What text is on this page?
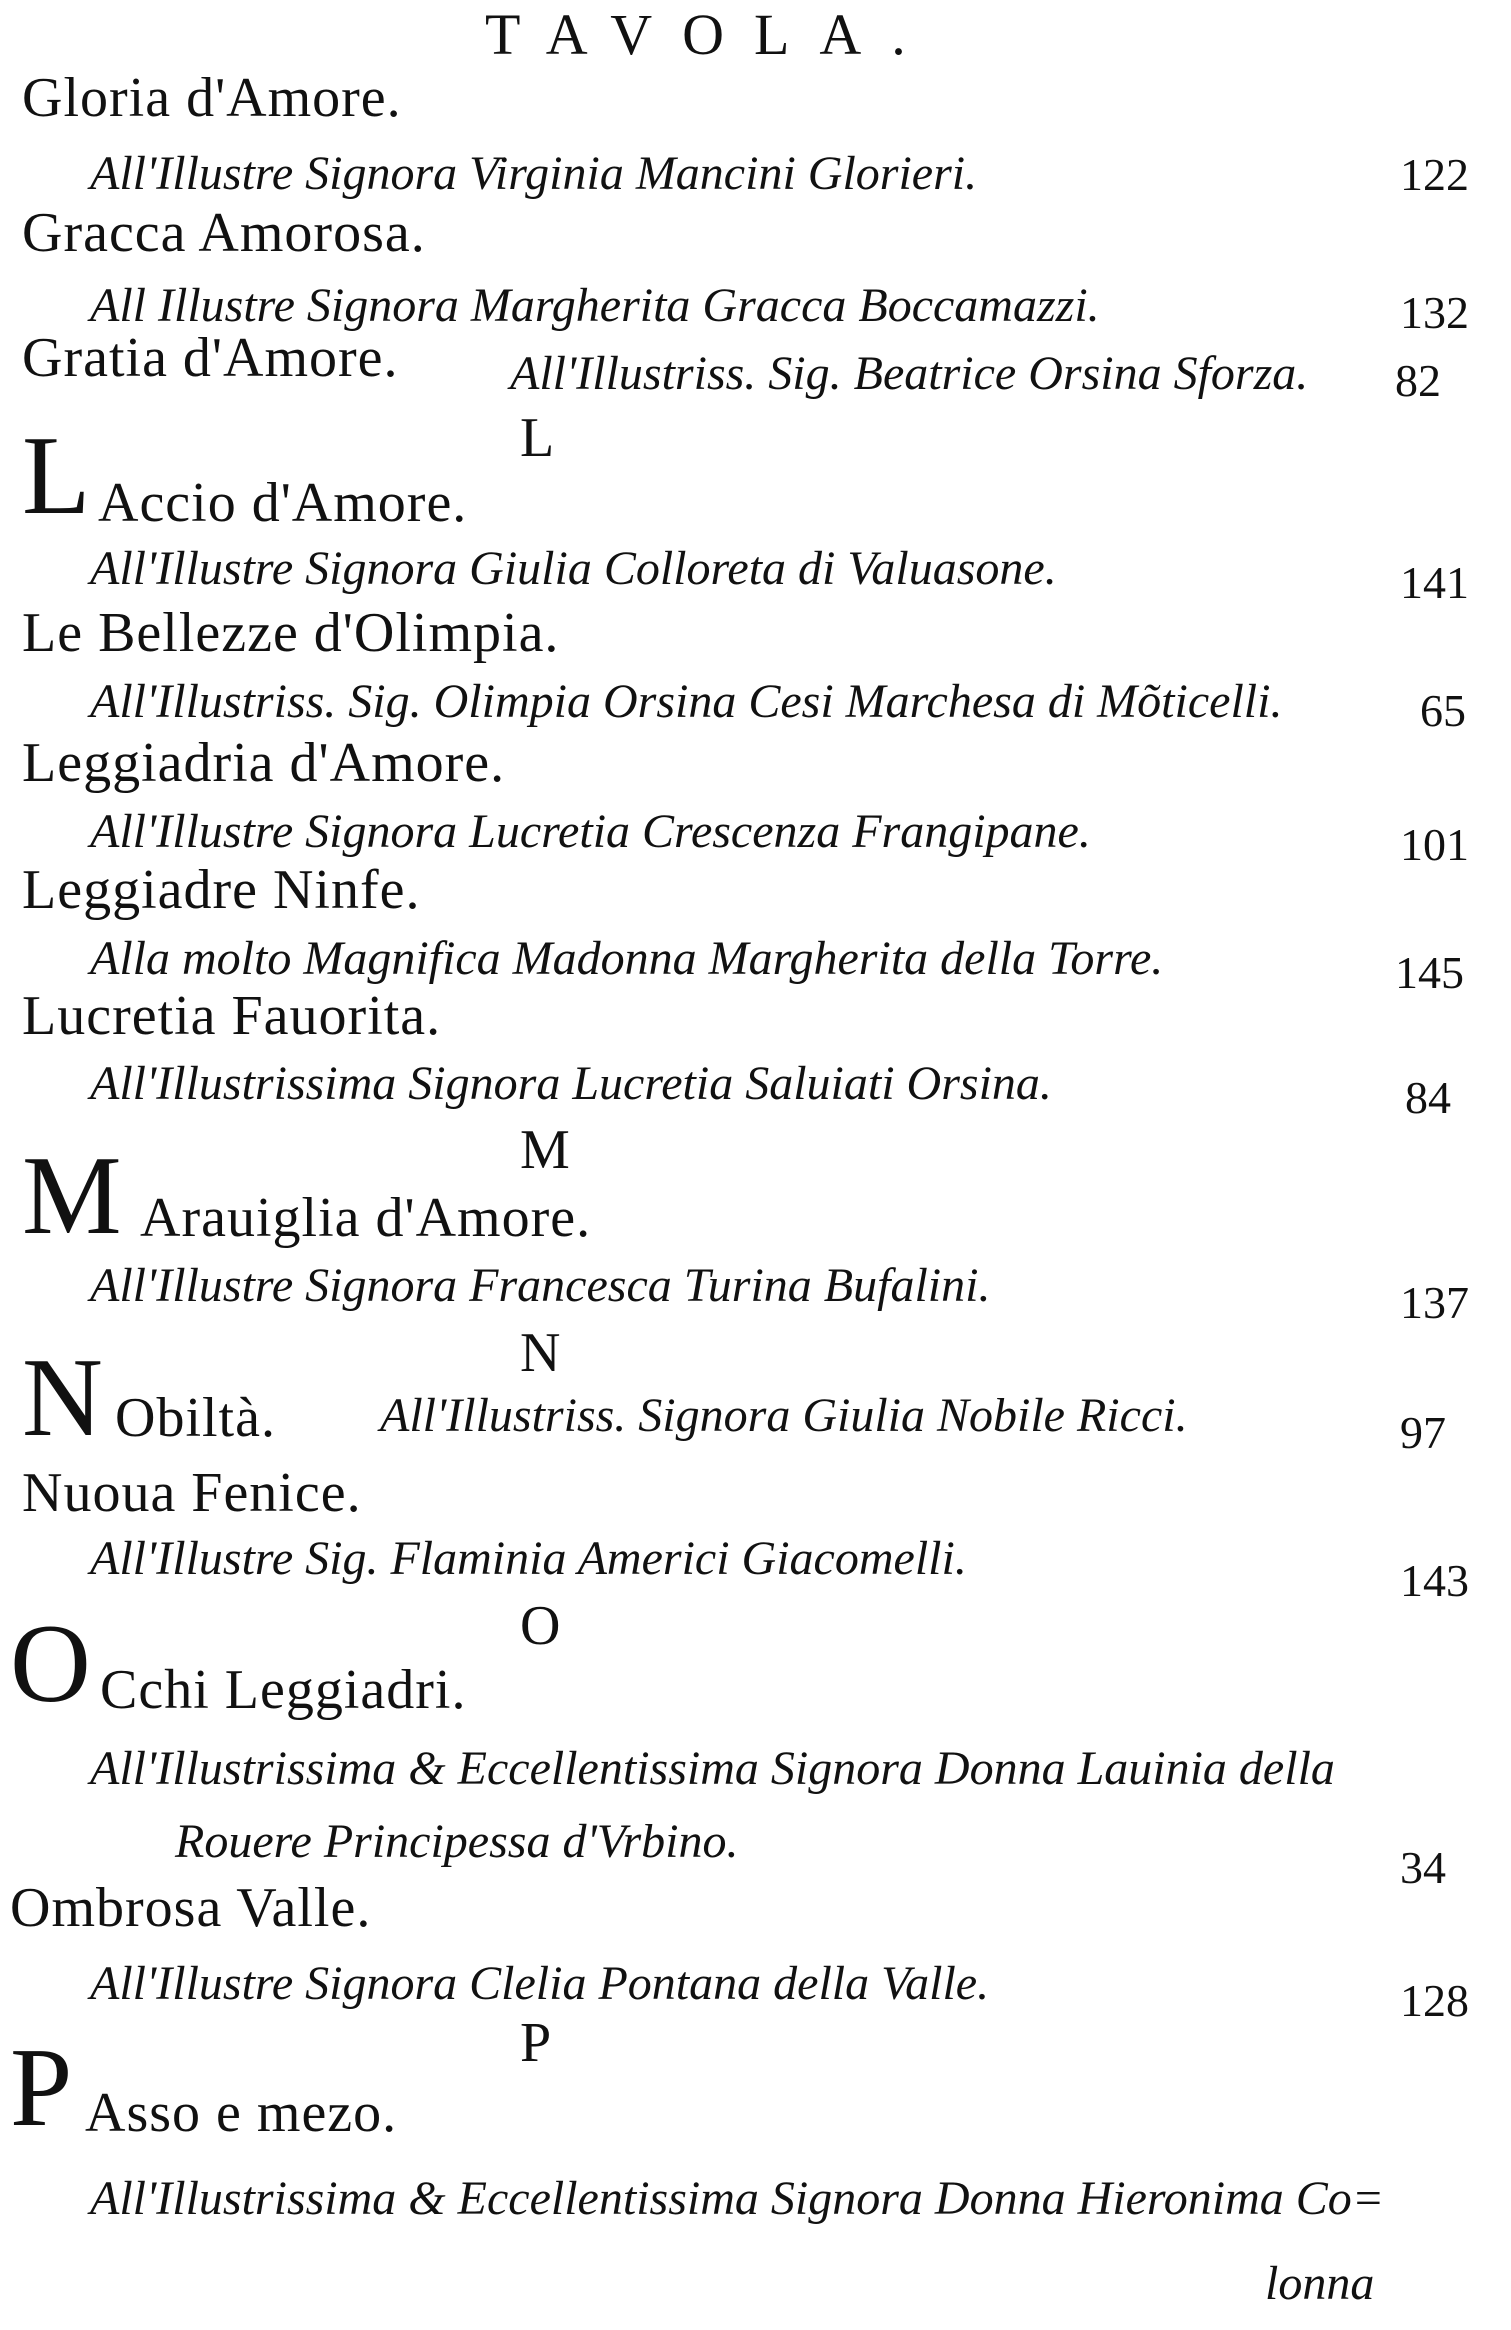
TAVOLA.
Gloria d'Amore.
All'Illustre Signora Virginia Mancini Glorieri.	122
Gracca Amorosa.
All Illustre Signora Margherita Gracca Boccamazzi.	132
Gratia d'Amore. All'Illustriss. Sig. Beatrice Orsina Sforza. 82
L
L Accio d'Amore.
All'Illustre Signora Giulia Colloreta di Valuasone.	141
Le Bellezze d'Olimpia.
All'Illustriss. Sig. Olimpia Orsina Cesi Marchesa di Mõticelli.	65
Leggiadria d'Amore.
All'Illustre Signora Lucretia Crescenza Frangipane.	101
Leggiadre Ninfe.
Alla molto Magnifica Madonna Margherita della Torre.	145
Lucretia Fauorita.
All'Illustrissima Signora Lucretia Saluiati Orsina.	84
M
M Arauiglia d'Amore.
All'Illustre Signora Francesca Turina Bufalini.	137
N
N Obiltà. All'Illustriss. Signora Giulia Nobile Ricci.	97
Nuoua Fenice.
All'Illustre Sig. Flaminia Americi Giacomelli.	143
O
O Cchi Leggiadri.
All'Illustrissima & Eccellentissima Signora Donna Lauinia della
Rouere Principessa d'Vrbino.	34
Ombrosa Valle.
All'Illustre Signora Clelia Pontana della Valle.	128
P
P Asso e mezo.
All'Illustrissima & Eccellentissima Signora Donna Hieronima Co=
lonna
